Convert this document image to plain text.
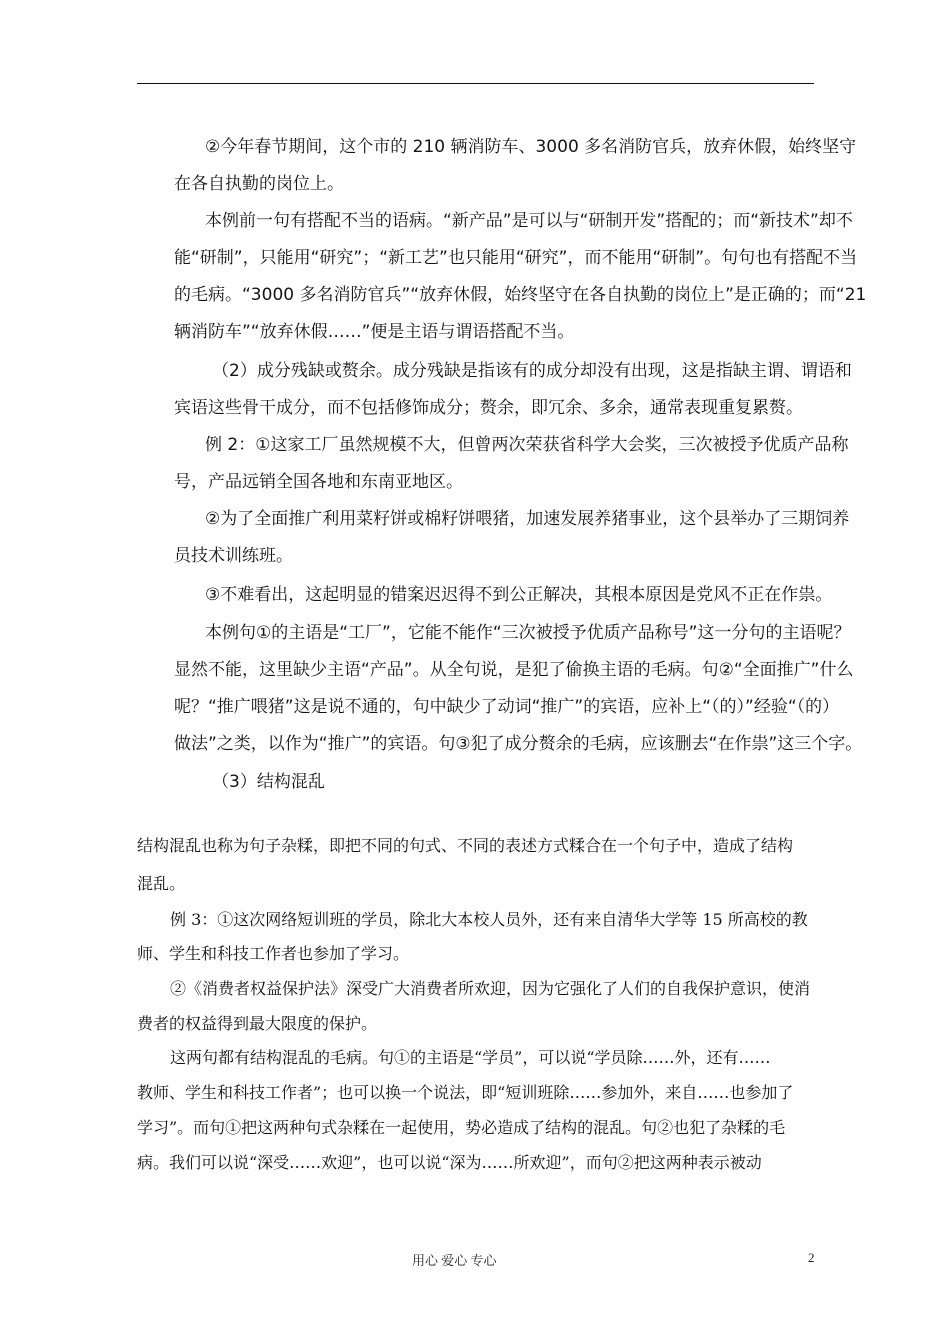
②今年春节期间，这个市的 210 辆消防车、3000 多名消防官兵，放弃休假，始终坚守
在各自执勤的岗位上。
本例前一句有搭配不当的语病。“新产品”是可以与“研制开发”搭配的；而“新技术”却不
能“研制”，只能用“研究”；“新工艺”也只能用“研究”，而不能用“研制”。句句也有搭配不当
的毛病。“3000 多名消防官兵”“放弃休假，始终坚守在各自执勤的岗位上”是正确的；而“21
辆消防车”“放弃休假……”便是主语与谓语搭配不当。
（2）成分残缺或赘余。成分残缺是指该有的成分却没有出现，这是指缺主谓、谓语和
宾语这些骨干成分，而不包括修饰成分；赘余，即冗余、多余，通常表现重复累赘。
例 2：①这家工厂虽然规模不大，但曾两次荣获省科学大会奖，三次被授予优质产品称
号，产品远销全国各地和东南亚地区。
②为了全面推广利用菜籽饼或棉籽饼喂猪，加速发展养猪事业，这个县举办了三期饲养
员技术训练班。
③不难看出，这起明显的错案迟迟得不到公正解决，其根本原因是党风不正在作祟。
本例句①的主语是“工厂”，它能不能作“三次被授予优质产品称号”这一分句的主语呢？
显然不能，这里缺少主语“产品”。从全句说，是犯了偷换主语的毛病。句②“全面推广”什么
呢？“推广喂猪”这是说不通的，句中缺少了动词“推广”的宾语，应补上“（的）”经验“（的）
做法”之类，以作为“推广”的宾语。句③犯了成分赘余的毛病，应该删去“在作祟”这三个字。
（3）结构混乱
结构混乱也称为句子杂糅，即把不同的句式、不同的表述方式糅合在一个句子中，造成了结构
混乱。
例 3：①这次网络短训班的学员，除北大本校人员外，还有来自清华大学等 15 所高校的教
师、学生和科技工作者也参加了学习。
②《消费者权益保护法》深受广大消费者所欢迎，因为它强化了人们的自我保护意识，使消
费者的权益得到最大限度的保护。
这两句都有结构混乱的毛病。句①的主语是“学员”，可以说“学员除……外，还有……
教师、学生和科技工作者”；也可以换一个说法，即“短训班除……参加外，来自……也参加了
学习”。而句①把这两种句式杂糅在一起使用，势必造成了结构的混乱。句②也犯了杂糅的毛
病。我们可以说“深受……欢迎”，也可以说“深为……所欢迎”，而句②把这两种表示被动
用心 爱心 专心	2
